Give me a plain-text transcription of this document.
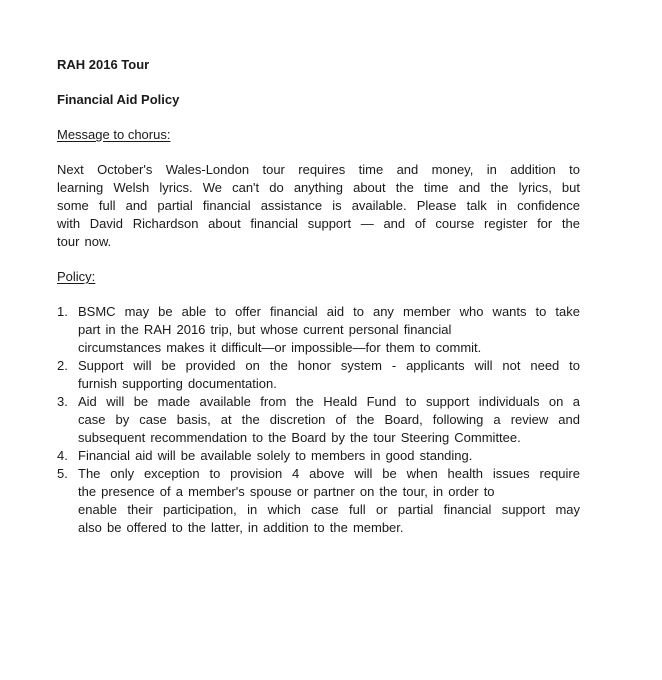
RAH 2016 Tour
Financial Aid Policy
Message to chorus:
Next October's Wales-London tour requires time and money, in addition to
learning Welsh lyrics. We can't do anything about the time and the lyrics, but
some full and partial financial assistance is available. Please talk in confidence
with David Richardson about financial support — and of course register for the
tour now.
Policy:
1. BSMC may be able to offer financial aid to any member who wants to take
part in the RAH 2016 trip, but whose current personal financial
circumstances makes it difficult—or impossible—for them to commit.
2. Support will be provided on the honor system - applicants will not need to
furnish supporting documentation.
3. Aid will be made available from the Heald Fund to support individuals on a
case by case basis, at the discretion of the Board, following a review and
subsequent recommendation to the Board by the tour Steering Committee.
4. Financial aid will be available solely to members in good standing.
5. The only exception to provision 4 above will be when health issues require
the presence of a member's spouse or partner on the tour, in order to
enable their participation, in which case full or partial financial support may
also be offered to the latter, in addition to the member.
